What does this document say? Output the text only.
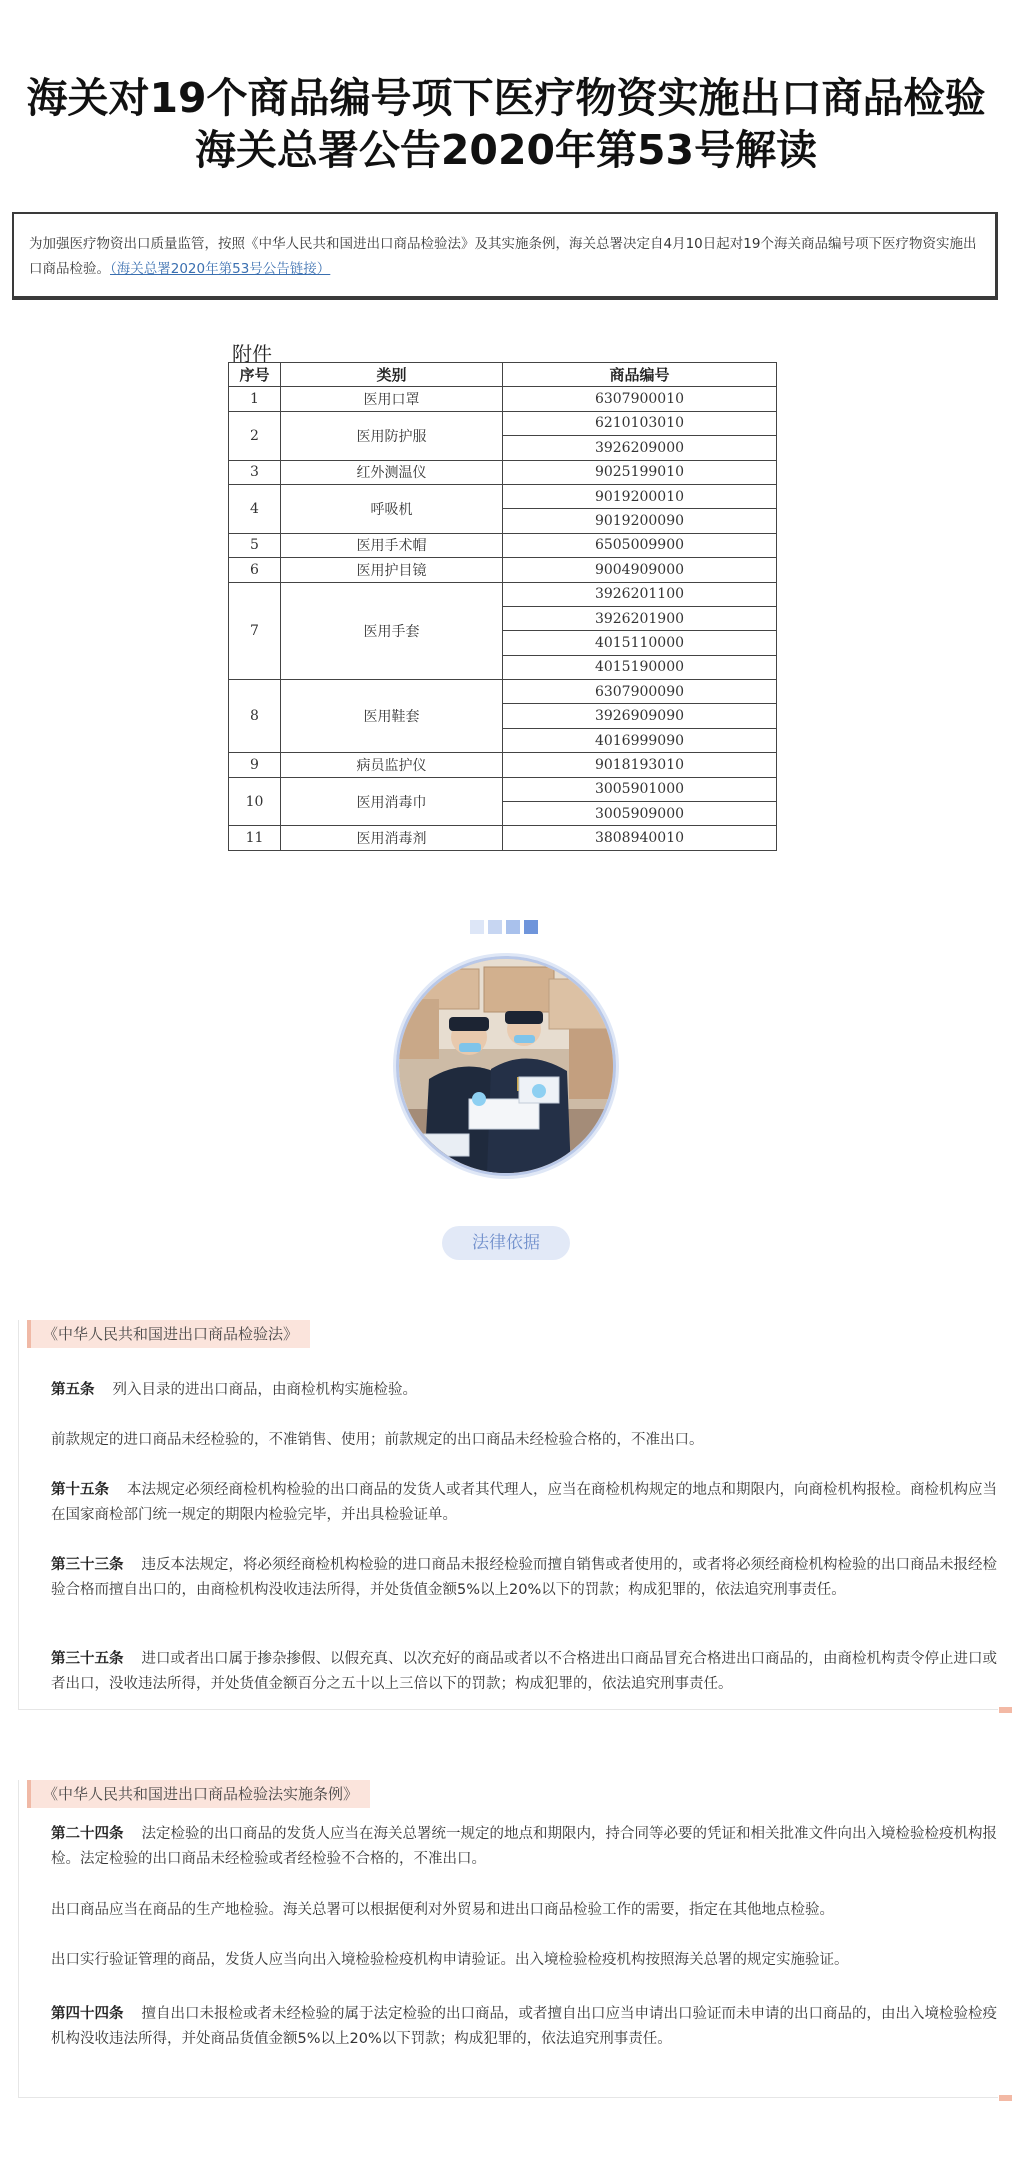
海关对19个商品编号项下医疗物资实施出口商品检验
海关总署公告2020年第53号解读
为加强医疗物资出口质量监管，按照《中华人民共和国进出口商品检验法》及其实施条例，海关总署决定自4月10日起对19个海关商品编号项下医疗物资实施出口商品检验。（海关总署2020年第53号公告链接）
附件
序号	类别	商品编号
1	医用口罩	6307900010
2	医用防护服	6210103010
		3926209000
3	红外测温仪	9025199010
4	呼吸机	9019200010
		9019200090
5	医用手术帽	6505009900
6	医用护目镜	9004909000
7	医用手套	3926201100
		3926201900
		4015110000
		4015190000
8	医用鞋套	6307900090
		3926909090
		4016999090
9	病员监护仪	9018193010
10	医用消毒巾	3005901000
		3005909000
11	医用消毒剂	3808940010
法律依据
《中华人民共和国进出口商品检验法》
第五条 列入目录的进出口商品，由商检机构实施检验。
前款规定的进口商品未经检验的，不准销售、使用；前款规定的出口商品未经检验合格的，不准出口。
第十五条 本法规定必须经商检机构检验的出口商品的发货人或者其代理人，应当在商检机构规定的地点和期限内，向商检机构报检。商检机构应当在国家商检部门统一规定的期限内检验完毕，并出具检验证单。
第三十三条 违反本法规定，将必须经商检机构检验的进口商品未报经检验而擅自销售或者使用的，或者将必须经商检机构检验的出口商品未报经检验合格而擅自出口的，由商检机构没收违法所得，并处货值金额5%以上20%以下的罚款；构成犯罪的，依法追究刑事责任。
第三十五条 进口或者出口属于掺杂掺假、以假充真、以次充好的商品或者以不合格进出口商品冒充合格进出口商品的，由商检机构责令停止进口或者出口，没收违法所得，并处货值金额百分之五十以上三倍以下的罚款；构成犯罪的，依法追究刑事责任。
《中华人民共和国进出口商品检验法实施条例》
第二十四条 法定检验的出口商品的发货人应当在海关总署统一规定的地点和期限内，持合同等必要的凭证和相关批准文件向出入境检验检疫机构报检。法定检验的出口商品未经检验或者经检验不合格的，不准出口。
出口商品应当在商品的生产地检验。海关总署可以根据便利对外贸易和进出口商品检验工作的需要，指定在其他地点检验。
出口实行验证管理的商品，发货人应当向出入境检验检疫机构申请验证。出入境检验检疫机构按照海关总署的规定实施验证。
第四十四条 擅自出口未报检或者未经检验的属于法定检验的出口商品，或者擅自出口应当申请出口验证而未申请的出口商品的，由出入境检验检疫机构没收违法所得，并处商品货值金额5%以上20%以下罚款；构成犯罪的，依法追究刑事责任。
